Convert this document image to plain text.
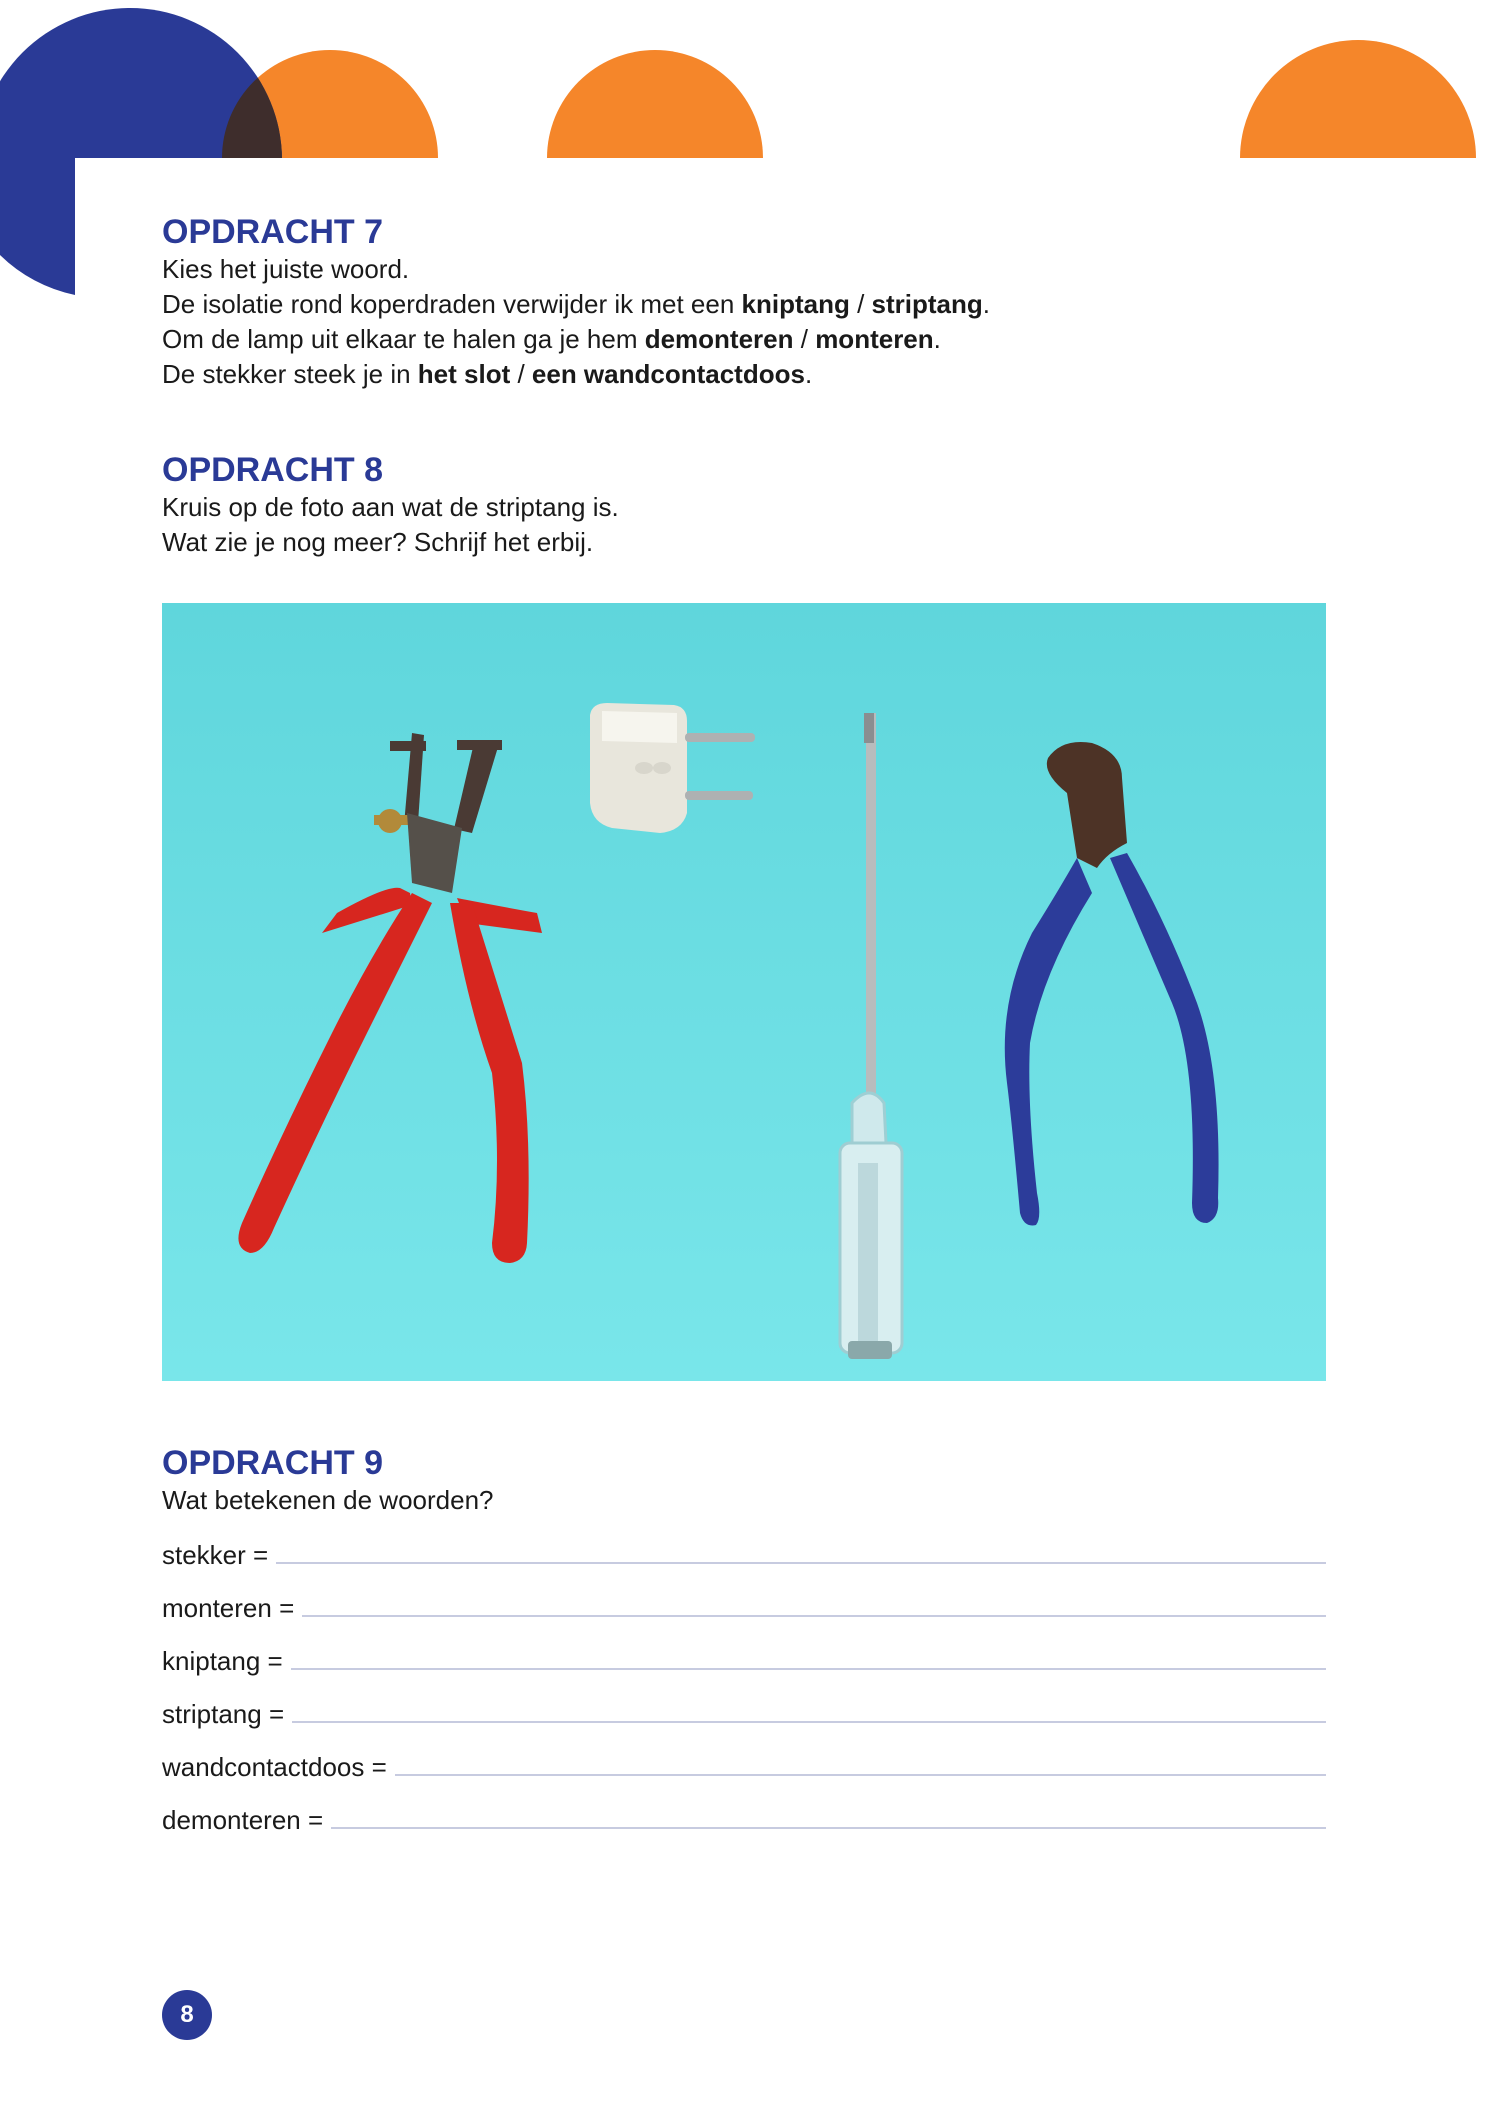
OPDRACHT 7

Kies het juiste woord.

De isolatie rond koperdraden verwijder ik met een kniptang / striptang.

Om de lamp uit elkaar te halen ga je hem demonteren / monteren.

De stekker steek je in het slot / een wandcontactdoos.

OPDRACHT 8

Kruis op de foto aan wat de striptang is.

Wat zie je nog meer? Schrijf het erbij.

OPDRACHT 9

Wat betekenen de woorden?

stekker =
monteren =
kniptang =
striptang =
wandcontactdoos =
demonteren =
8
